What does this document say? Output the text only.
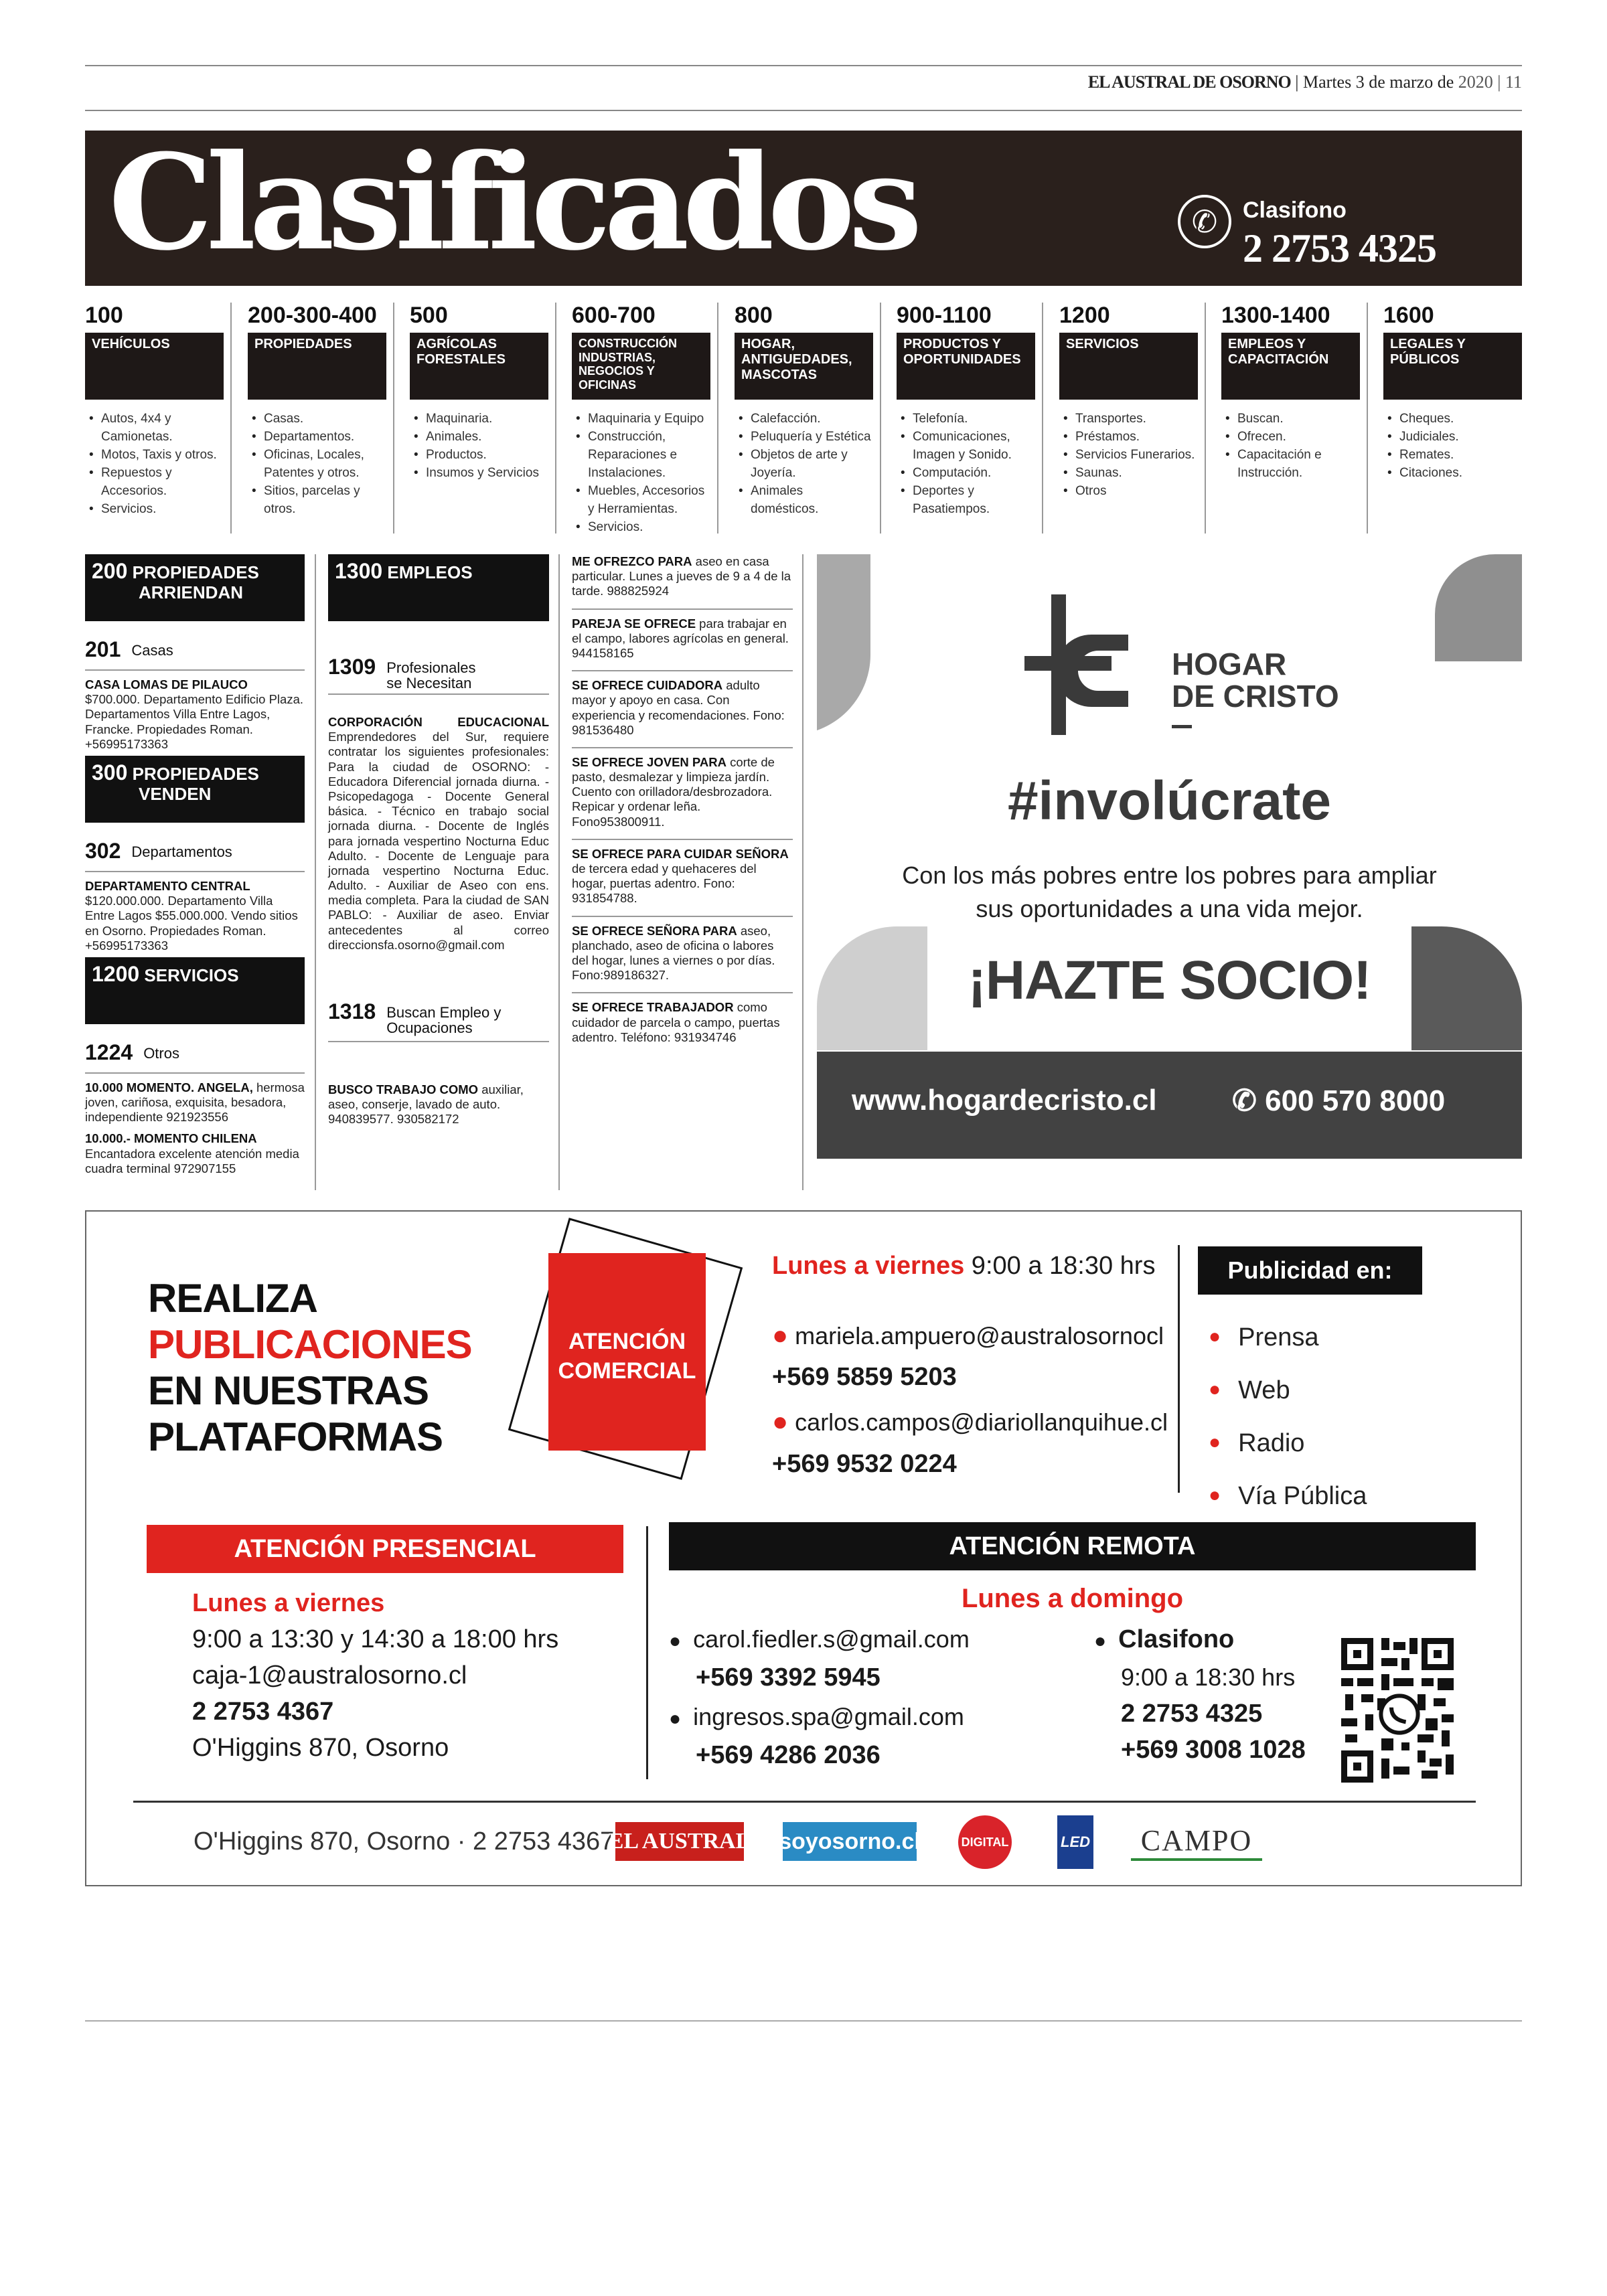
EL AUSTRAL DE OSORNO | Martes 3 de marzo de 2020 | 11
Clasificados	✆	Clasifono
2 2753 4325
100
VEHÍCULOS
• Autos, 4x4 y Camionetas.
• Motos, Taxis y otros.
• Repuestos y Accesorios.
• Servicios.
200-300-400
PROPIEDADES
• Casas.
• Departamentos.
• Oficinas, Locales, Patentes y otros.
• Sitios, parcelas y otros.
500
AGRÍCOLAS FORESTALES
• Maquinaria.
• Animales.
• Productos.
• Insumos y Servicios
600-700
CONSTRUCCIÓN INDUSTRIAS, NEGOCIOS Y OFICINAS
• Maquinaria y Equipo
• Construcción, Reparaciones e Instalaciones.
• Muebles, Accesorios y Herramientas.
• Servicios.
800
HOGAR, ANTIGUEDADES, MASCOTAS
• Calefacción.
• Peluquería y Estética
• Objetos de arte y Joyería.
• Animales domésticos.
900-1100
PRODUCTOS Y OPORTUNIDADES
• Telefonía.
• Comunicaciones, Imagen y Sonido.
• Computación.
• Deportes y Pasatiempos.
1200
SERVICIOS
• Transportes.
• Préstamos.
• Servicios Funerarios.
• Saunas.
• Otros
1300-1400
EMPLEOS Y CAPACITACIÓN
• Buscan.
• Ofrecen.
• Capacitación e Instrucción.
1600
LEGALES Y PÚBLICOS
• Cheques.
• Judiciales.
• Remates.
• Citaciones.
200 PROPIEDADES
ARRIENDAN
201 Casas
CASA LOMAS DE PILAUCO $700.000. Departamento Edificio Plaza. Departamentos Villa Entre Lagos, Francke. Propiedades Roman. +56995173363
300 PROPIEDADES
VENDEN
302 Departamentos
DEPARTAMENTO CENTRAL $120.000.000. Departamento Villa Entre Lagos $55.000.000. Vendo sitios en Osorno. Propiedades Roman. +56995173363
1200 SERVICIOS
1224 Otros
10.000 MOMENTO. ANGELA, hermosa joven, cariñosa, exquisita, besadora, independiente 921923556
10.000.- MOMENTO CHILENA Encantadora excelente atención media cuadra terminal 972907155
1300 EMPLEOS
1309 Profesionales
se Necesitan
CORPORACIÓN EDUCACIONAL Emprendedores del Sur, requiere contratar los siguientes profesionales: Para la ciudad de OSORNO: - Educadora Diferencial jornada diurna. - Psicopedagoga - Docente General básica. - Técnico en trabajo social jornada diurna. - Docente de Inglés para jornada vespertino Nocturna Educ Adulto. - Docente de Lenguaje para jornada vespertino Nocturna Educ. Adulto. - Auxiliar de Aseo con ens. media completa. Para la ciudad de SAN PABLO: - Auxiliar de aseo. Enviar antecedentes al correo direccionsfa.osorno@gmail.com
1318 Buscan Empleo y
Ocupaciones
BUSCO TRABAJO COMO auxiliar, aseo, conserje, lavado de auto. 940839577. 930582172
ME OFREZCO PARA aseo en casa particular. Lunes a jueves de 9 a 4 de la tarde. 988825924
PAREJA SE OFRECE para trabajar en el campo, labores agrícolas en general. 944158165
SE OFRECE CUIDADORA adulto mayor y apoyo en casa. Con experiencia y recomendaciones. Fono: 981536480
SE OFRECE JOVEN PARA corte de pasto, desmalezar y limpieza jardín. Cuento con orilladora/desbrozadora. Repicar y ordenar leña. Fono953800911.
SE OFRECE PARA CUIDAR SEÑORA de tercera edad y quehaceres del hogar, puertas adentro. Fono: 931854788.
SE OFRECE SEÑORA PARA aseo, planchado, aseo de oficina o labores del hogar, lunes a viernes o por días. Fono:989186327.
SE OFRECE TRABAJADOR como cuidador de parcela o campo, puertas adentro. Teléfono: 931934746
HOGAR
DE CRISTO
#involúcrate
Con los más pobres entre los pobres para ampliar
sus oportunidades a una vida mejor.
¡HAZTE SOCIO!
www.hogardecristo.cl	✆ 600 570 8000
REALIZA
PUBLICACIONES
EN NUESTRAS
PLATAFORMAS
ATENCIÓN
COMERCIAL
Lunes a viernes 9:00 a 18:30 hrs
● mariela.ampuero@australosornocl
+569 5859 5203
● carlos.campos@diariollanquihue.cl
+569 9532 0224
Publicidad en:
● Prensa
● Web
● Radio
● Vía Pública
ATENCIÓN PRESENCIAL
Lunes a viernes
9:00 a 13:30 y 14:30 a 18:00 hrs
caja-1@australosorno.cl
2 2753 4367
O'Higgins 870, Osorno
ATENCIÓN REMOTA
Lunes a domingo
● carol.fiedler.s@gmail.com
+569 3392 5945
● ingresos.spa@gmail.com
+569 4286 2036
● Clasifono
9:00 a 18:30 hrs
2 2753 4325
+569 3008 1028
O'Higgins 870, Osorno · 2 2753 4367
EL AUSTRAL soyosorno.cl	DIGITAL	LED	CAMPO
